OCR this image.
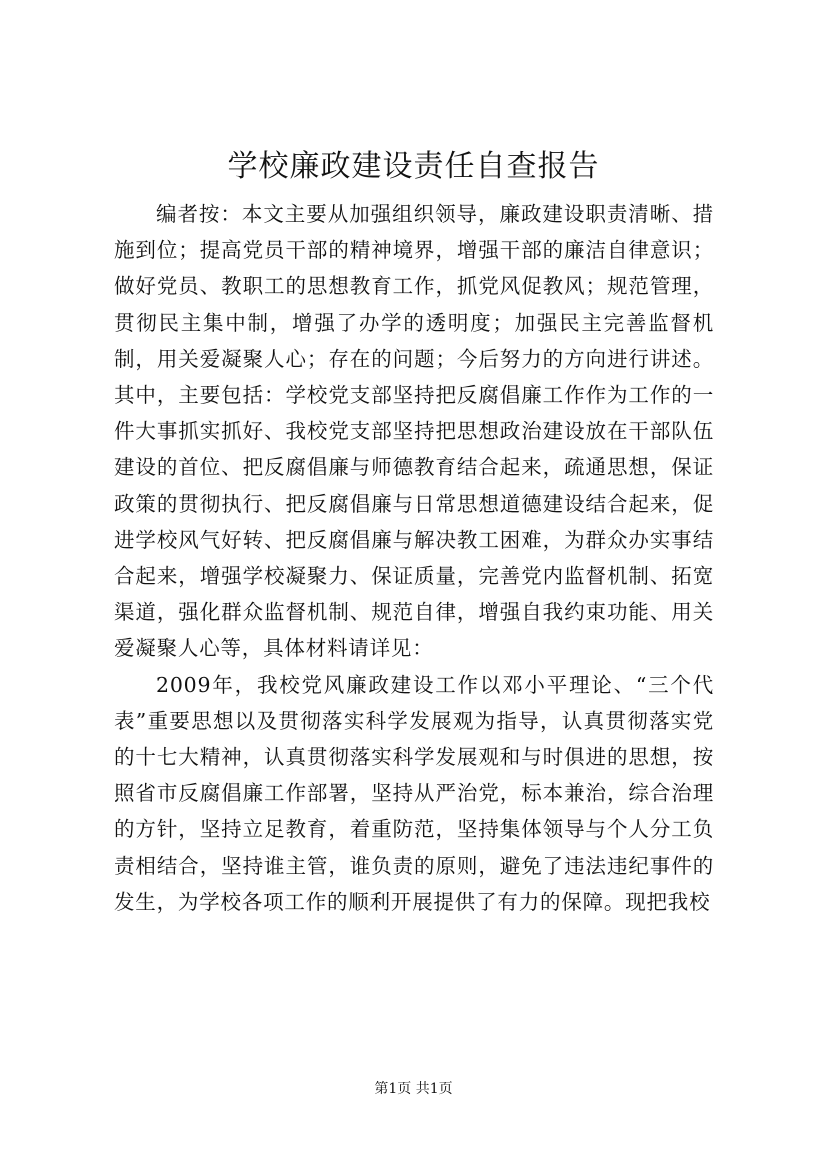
学校廉政建设责任自查报告

编者按：本文主要从加强组织领导，廉政建设职责清晰、措施到位；提高党员干部的精神境界，增强干部的廉洁自律意识；做好党员、教职工的思想教育工作，抓党风促教风；规范管理，贯彻民主集中制，增强了办学的透明度；加强民主完善监督机制，用关爱凝聚人心；存在的问题；今后努力的方向进行讲述。其中，主要包括：学校党支部坚持把反腐倡廉工作作为工作的一件大事抓实抓好、我校党支部坚持把思想政治建设放在干部队伍建设的首位、把反腐倡廉与师德教育结合起来，疏通思想，保证政策的贯彻执行、把反腐倡廉与日常思想道德建设结合起来，促进学校风气好转、把反腐倡廉与解决教工困难，为群众办实事结合起来，增强学校凝聚力、保证质量，完善党内监督机制、拓宽渠道，强化群众监督机制、规范自律，增强自我约束功能、用关爱凝聚人心等，具体材料请详见：

2009年，我校党风廉政建设工作以邓小平理论、“三个代表”重要思想以及贯彻落实科学发展观为指导，认真贯彻落实党的十七大精神，认真贯彻落实科学发展观和与时俱进的思想，按照省市反腐倡廉工作部署，坚持从严治党，标本兼治，综合治理的方针，坚持立足教育，着重防范，坚持集体领导与个人分工负责相结合，坚持谁主管，谁负责的原则，避免了违法违纪事件的发生，为学校各项工作的顺利开展提供了有力的保障。现把我校

第1页 共1页
